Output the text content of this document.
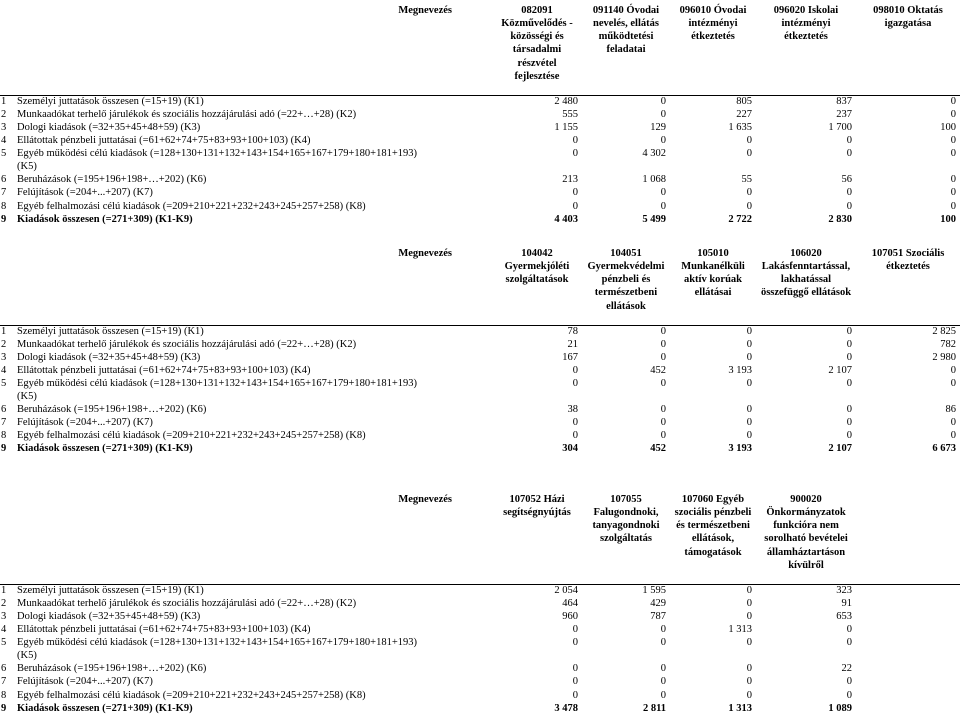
	Megnevezés	082091 Közművelődés - közösségi és társadalmi részvétel fejlesztése	091140 Óvodai nevelés, ellátás működtetési feladatai	096010 Óvodai intézményi étkeztetés	096020 Iskolai intézményi étkeztetés	098010 Oktatás igazgatása

1	Személyi juttatások összesen (=15+19) (K1)	2 480	0	805	837	0
2	Munkaadókat terhelő járulékok és szociális hozzájárulási adó (=22+…+28) (K2)	555	0	227	237	0
3	Dologi kiadások (=32+35+45+48+59) (K3)	1 155	129	1 635	1 700	100
4	Ellátottak pénzbeli juttatásai (=61+62+74+75+83+93+100+103) (K4)	0	0	0	0	0
5	Egyéb működési célú kiadások (=128+130+131+132+143+154+165+167+179+180+181+193)	0	4 302	0	0	0
	(K5)					
6	Beruházások (=195+196+198+…+202) (K6)	213	1 068	55	56	0
7	Felújítások (=204+...+207) (K7)	0	0	0	0	0
8	Egyéb felhalmozási célú kiadások (=209+210+221+232+243+245+257+258) (K8)	0	0	0	0	0
9	Kiadások összesen (=271+309) (K1-K9)	4 403	5 499	2 722	2 830	100
	Megnevezés	104042 Gyermekjóléti szolgáltatások	104051 Gyermekvédelmi pénzbeli és természetbeni ellátások	105010 Munkanélküli aktív korúak ellátásai	106020 Lakásfenntartással, lakhatással összefüggő ellátások	107051 Szociális étkeztetés

1	Személyi juttatások összesen (=15+19) (K1)	78	0	0	0	2 825
2	Munkaadókat terhelő járulékok és szociális hozzájárulási adó (=22+…+28) (K2)	21	0	0	0	782
3	Dologi kiadások (=32+35+45+48+59) (K3)	167	0	0	0	2 980
4	Ellátottak pénzbeli juttatásai (=61+62+74+75+83+93+100+103) (K4)	0	452	3 193	2 107	0
5	Egyéb működési célú kiadások (=128+130+131+132+143+154+165+167+179+180+181+193)	0	0	0	0	0
	(K5)					
6	Beruházások (=195+196+198+…+202) (K6)	38	0	0	0	86
7	Felújítások (=204+...+207) (K7)	0	0	0	0	0
8	Egyéb felhalmozási célú kiadások (=209+210+221+232+243+245+257+258) (K8)	0	0	0	0	0
9	Kiadások összesen (=271+309) (K1-K9)	304	452	3 193	2 107	6 673
	Megnevezés	107052 Házi segítségnyújtás	107055 Falugondnoki, tanyagondnoki szolgáltatás	107060 Egyéb szociális pénzbeli és természetbeni ellátások, támogatások	900020 Önkormányzatok funkcióra nem sorolható bevételei államháztartáson kívülről	

1	Személyi juttatások összesen (=15+19) (K1)	2 054	1 595	0	323	
2	Munkaadókat terhelő járulékok és szociális hozzájárulási adó (=22+…+28) (K2)	464	429	0	91	
3	Dologi kiadások (=32+35+45+48+59) (K3)	960	787	0	653	
4	Ellátottak pénzbeli juttatásai (=61+62+74+75+83+93+100+103) (K4)	0	0	1 313	0	
5	Egyéb működési célú kiadások (=128+130+131+132+143+154+165+167+179+180+181+193)	0	0	0	0	
	(K5)					
6	Beruházások (=195+196+198+…+202) (K6)	0	0	0	22	
7	Felújítások (=204+...+207) (K7)	0	0	0	0	
8	Egyéb felhalmozási célú kiadások (=209+210+221+232+243+245+257+258) (K8)	0	0	0	0	
9	Kiadások összesen (=271+309) (K1-K9)	3 478	2 811	1 313	1 089	
